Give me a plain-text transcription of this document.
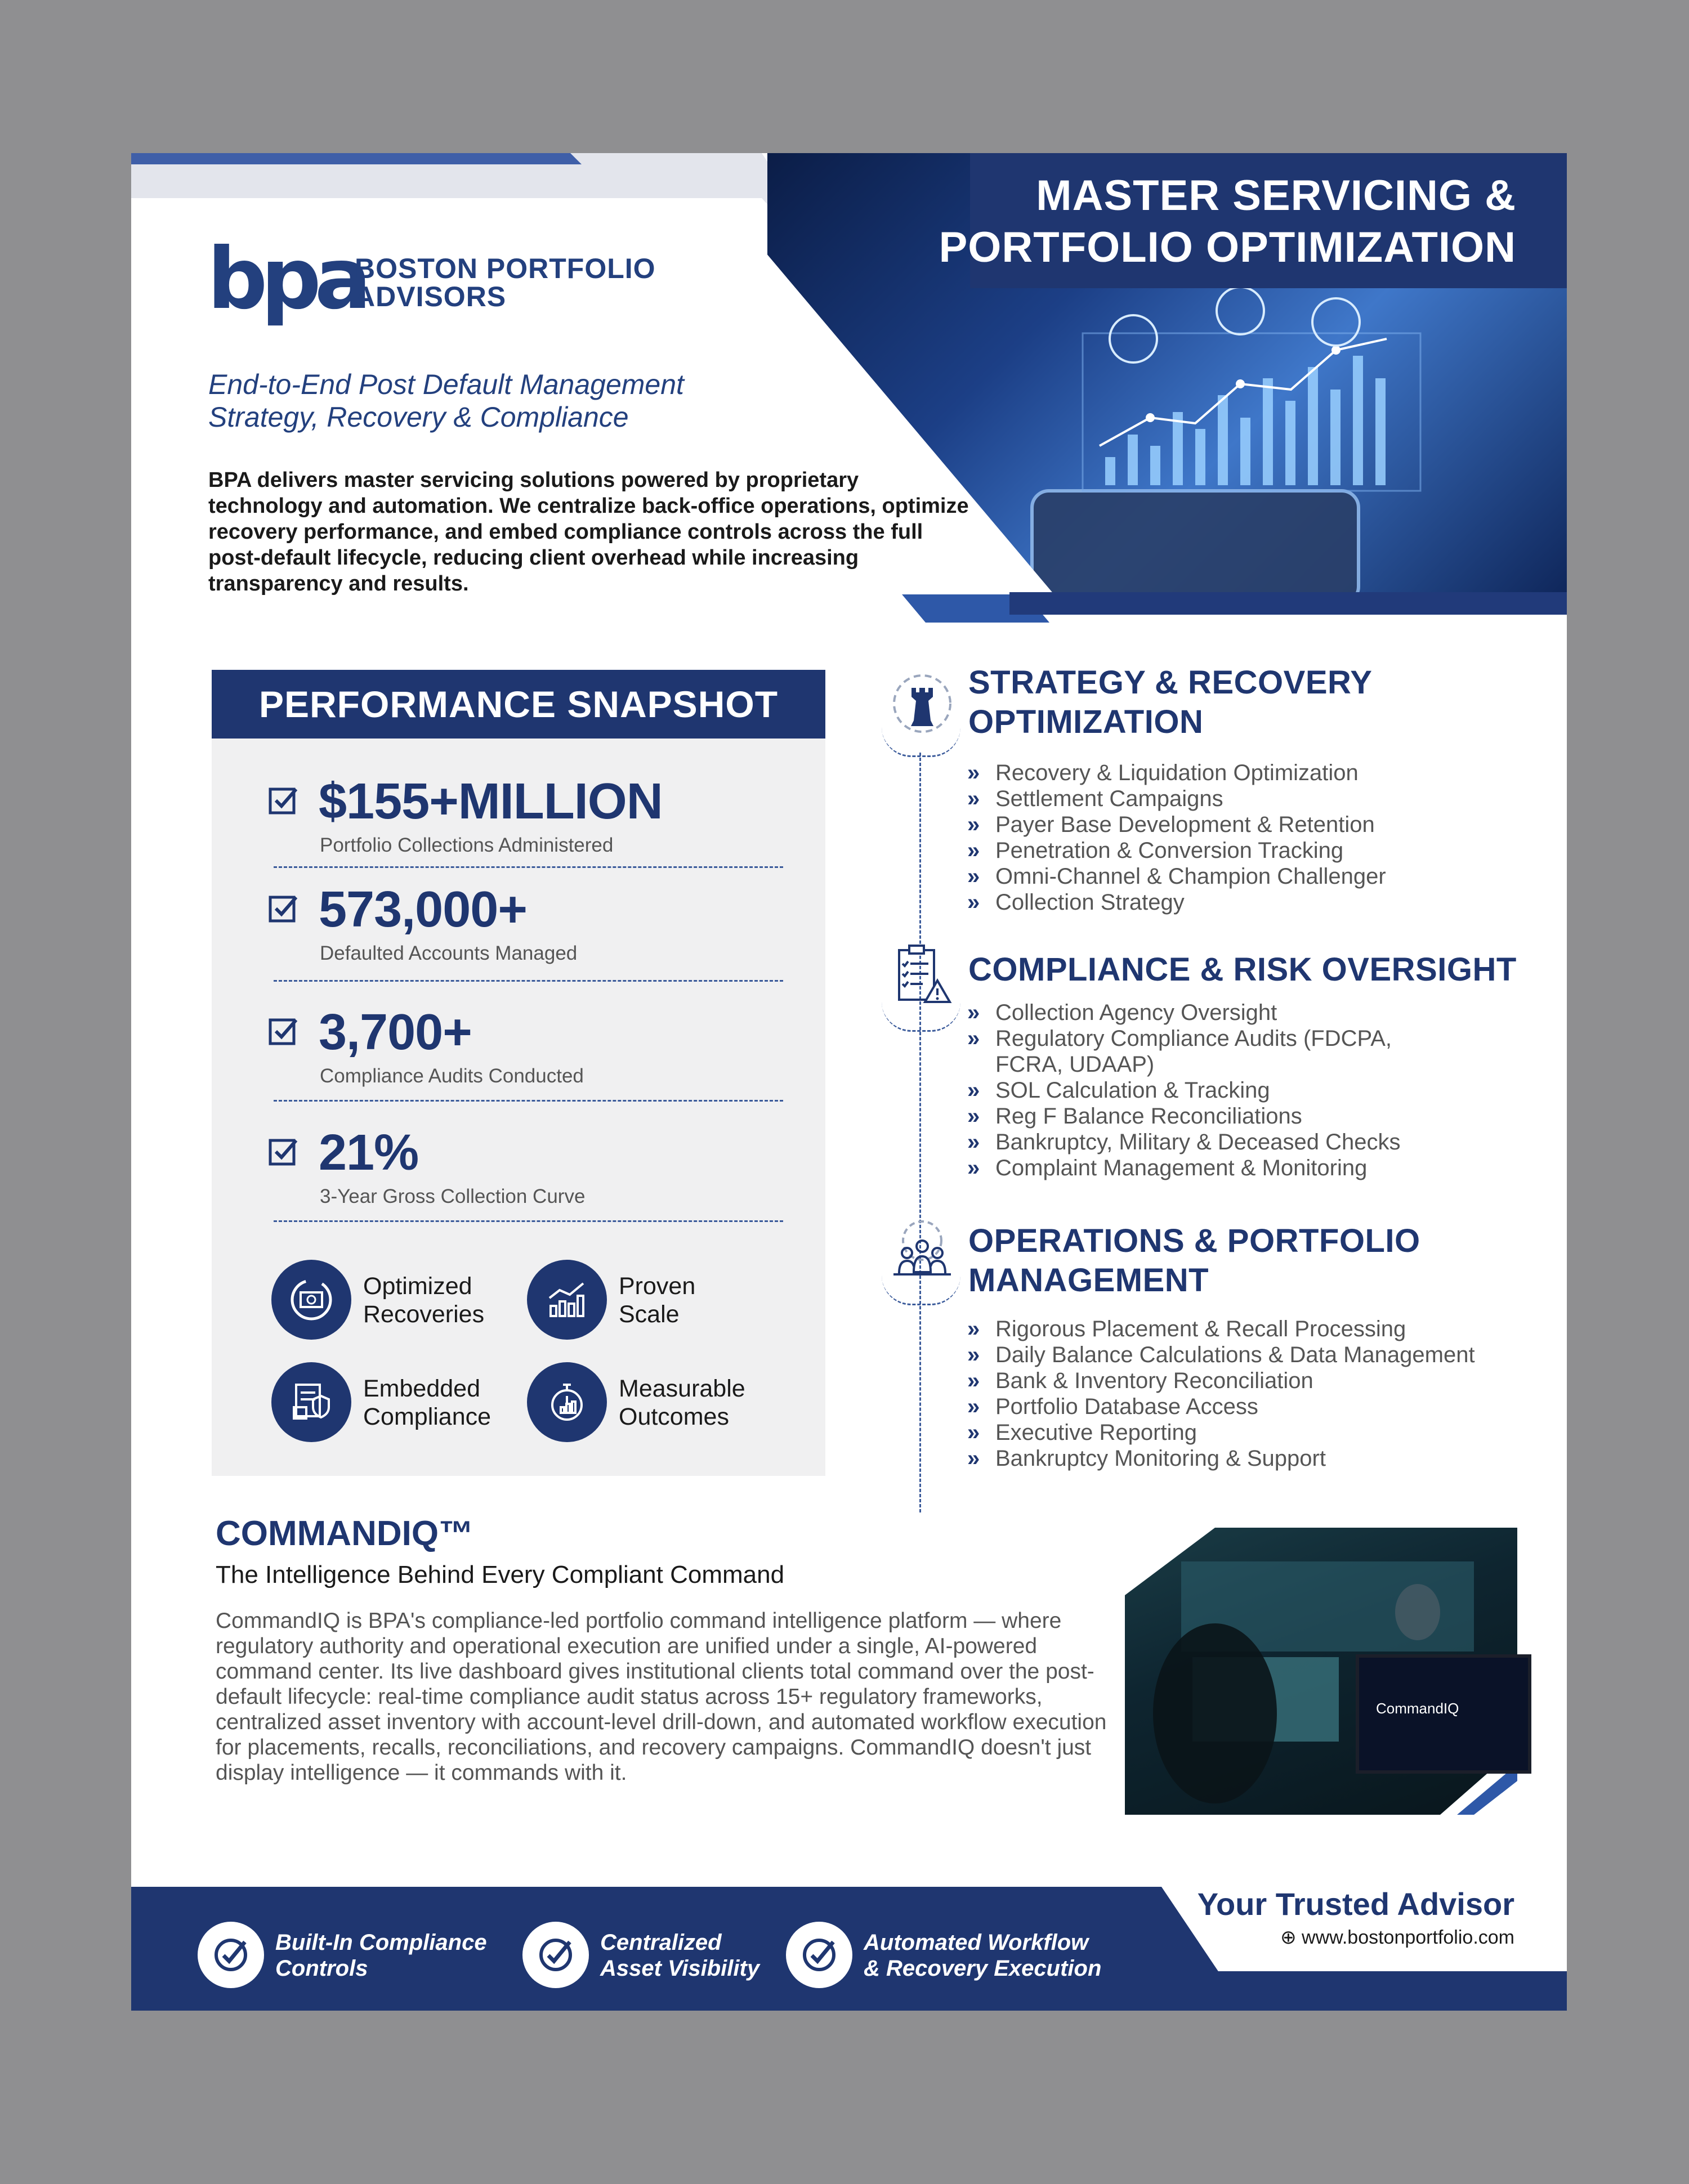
MASTER SERVICING &
PORTFOLIO OPTIMIZATION
bpa
BOSTON PORTFOLIO
ADVISORS
End-to-End Post Default Management
Strategy, Recovery & Compliance
BPA delivers master servicing solutions powered by proprietary technology and automation. We centralize back-office operations, optimize recovery performance, and embed compliance controls across the full post-default lifecycle, reducing client overhead while increasing transparency and results.
PERFORMANCE SNAPSHOT
$155+MILLION
Portfolio Collections Administered
573,000+
Defaulted Accounts Managed
3,700+
Compliance Audits Conducted
21%
3-Year Gross Collection Curve
Optimized
Recoveries
Proven
Scale
Embedded
Compliance
Measurable
Outcomes
STRATEGY & RECOVERY
OPTIMIZATION
» Recovery & Liquidation Optimization
» Settlement Campaigns
» Payer Base Development & Retention
» Penetration & Conversion Tracking
» Omni-Channel & Champion Challenger
» Collection Strategy
COMPLIANCE & RISK OVERSIGHT
» Collection Agency Oversight
» Regulatory Compliance Audits (FDCPA, FCRA, UDAAP)
» SOL Calculation & Tracking
» Reg F Balance Reconciliations
» Bankruptcy, Military & Deceased Checks
» Complaint Management & Monitoring
OPERATIONS & PORTFOLIO
MANAGEMENT
» Rigorous Placement & Recall Processing
» Daily Balance Calculations & Data Management
» Bank & Inventory Reconciliation
» Portfolio Database Access
» Executive Reporting
» Bankruptcy Monitoring & Support
COMMANDIQ™
The Intelligence Behind Every Compliant Command
CommandIQ is BPA's compliance-led portfolio command intelligence platform — where regulatory authority and operational execution are unified under a single, AI-powered command center. Its live dashboard gives institutional clients total command over the post-default lifecycle: real-time compliance audit status across 15+ regulatory frameworks, centralized asset inventory with account-level drill-down, and automated workflow execution for placements, recalls, reconciliations, and recovery campaigns. CommandIQ doesn't just display intelligence — it commands with it.
CommandIQ
Built-In Compliance
Controls
Centralized
Asset Visibility
Automated Workflow
& Recovery Execution
Your Trusted Advisor
⊕ www.bostonportfolio.com
